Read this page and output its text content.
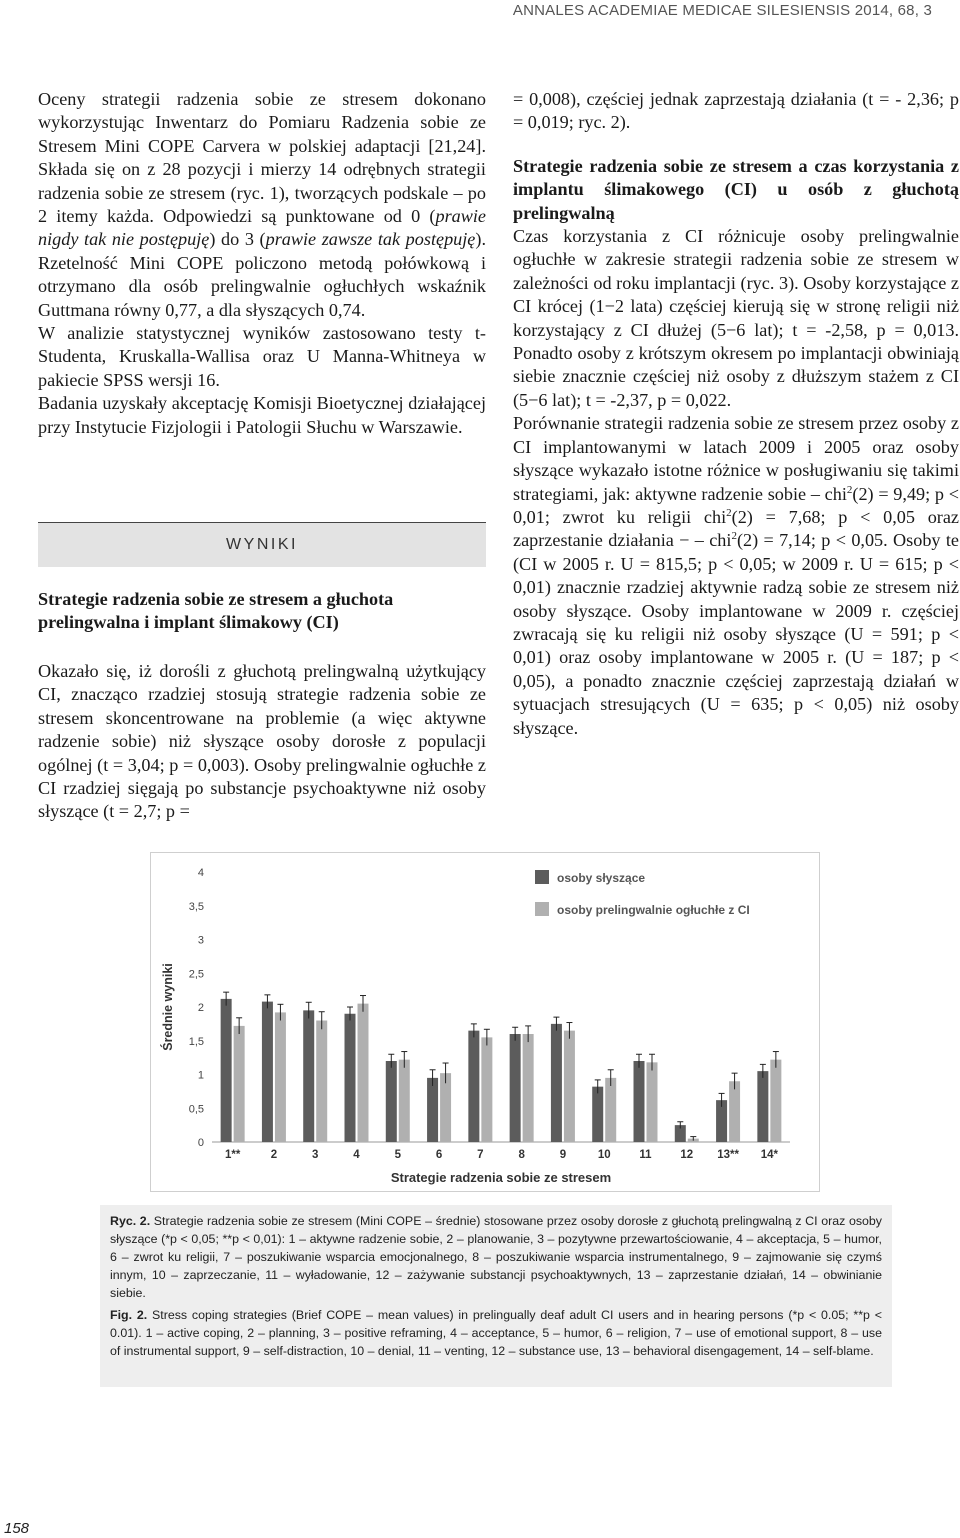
ANNALES ACADEMIAE MEDICAE SILESIENSIS 2014, 68, 3

Oceny strategii radzenia sobie ze stresem dokonano wykorzystując Inwentarz do Pomiaru Radzenia sobie ze Stresem Mini COPE Carvera w polskiej adaptacji [21,24]. Składa się on z 28 pozycji i mierzy 14 odrębnych strategii radzenia sobie ze stresem (ryc. 1), tworzących podskale – po 2 itemy każda. Odpowiedzi są punktowane od 0 (prawie nigdy tak nie postępuję) do 3 (prawie zawsze tak postępuję). Rzetelność Mini COPE policzono metodą połówkową i otrzymano dla osób prelingwalnie ogłuchłych wskaźnik Guttmana równy 0,77, a dla słyszących 0,74.

W analizie statystycznej wyników zastosowano testy t-Studenta, Kruskalla-Wallisa oraz U Manna-Whitneya w pakiecie SPSS wersji 16.

Badania uzyskały akceptację Komisji Bioetycznej działającej przy Instytucie Fizjologii i Patologii Słuchu w Warszawie.

WYNIKI
Strategie radzenia sobie ze stresem a głuchota prelingwalna i implant ślimakowy (CI)
Okazało się, iż dorośli z głuchotą prelingwalną użytkujący CI, znacząco rzadziej stosują strategie radzenia sobie ze stresem skoncentrowane na problemie (a więc aktywne radzenie sobie) niż słyszące osoby dorosłe z populacji ogólnej (t = 3,04; p = 0,003). Osoby prelingwalnie ogłuchłe z CI rzadziej sięgają po substancje psychoaktywne niż osoby słyszące (t = 2,7; p =

= 0,008), częściej jednak zaprzestają działania (t = - 2,36; p = 0,019; ryc. 2).

Strategie radzenia sobie ze stresem a czas korzystania z implantu ślimakowego (CI) u osób z głuchotą prelingwalną

Czas korzystania z CI różnicuje osoby prelingwalnie ogłuchłe w zakresie strategii radzenia sobie ze stresem w zależności od roku implantacji (ryc. 3). Osoby korzystające z CI krócej (1−2 lata) częściej kierują się w stronę religii niż korzystający z CI dłużej (5−6 lat); t = -2,58, p = 0,013. Ponadto osoby z krótszym okresem po implantacji obwiniają siebie znacznie częściej niż osoby z dłuższym stażem z CI (5−6 lat); t = -2,37, p = 0,022.

Porównanie strategii radzenia sobie ze stresem przez osoby z CI implantowanymi w latach 2009 i 2005 oraz osoby słyszące wykazało istotne różnice w posługiwaniu się takimi strategiami, jak: aktywne radzenie sobie – chi$^2$(2) = 9,49; p < 0,01; zwrot ku religii chi$^2$(2) = 7,68; p < 0,05 oraz zaprzestanie działania − – chi$^2$(2) = 7,14; p < 0,05. Osoby te (CI w 2005 r. U = 815,5; p < 0,05; w 2009 r. U = 615; p < 0,01) znacznie rzadziej aktywnie radzą sobie ze stresem niż osoby słyszące. Osoby implantowane w 2009 r. częściej zwracają się ku religii niż osoby słyszące (U = 591; p < 0,01) oraz osoby implantowane w 2005 r. (U = 187; p < 0,05), a ponadto znacznie częściej zaprzestają działań w sytuacjach stresujących (U = 635; p < 0,05) niż osoby słyszące.

0
0,5
1
1,5
2
2,5
3
3,5
4
Średnie wyniki
1**	2	3	4	5	6	7	8	9	10	11	12 13** 14*
Strategie radzenia sobie ze stresem
osoby słyszące
osoby prelingwalnie ogłuchłe z CI

Ryc. 2. Strategie radzenia sobie ze stresem (Mini COPE – średnie) stosowane przez osoby dorosłe z głuchotą prelingwalną z CI oraz osoby słyszące (*p < 0,05; **p < 0,01): 1 – aktywne radzenie sobie, 2 – planowanie, 3 – pozytywne przewartościowanie, 4 – akceptacja, 5 – humor, 6 – zwrot ku religii, 7 – poszukiwanie wsparcia emocjonalnego, 8 – poszukiwanie wsparcia instrumentalnego, 9 – zajmowanie się czymś innym, 10 – zaprzeczanie, 11 – wyładowanie, 12 – zażywanie substancji psychoaktywnych, 13 – zaprzestanie działań, 14 – obwinianie siebie.

Fig. 2. Stress coping strategies (Brief COPE – mean values) in prelingually deaf adult CI users and in hearing persons (*p < 0.05; **p < 0.01). 1 – active coping, 2 – planning, 3 – positive reframing, 4 – acceptance, 5 – humor, 6 – religion, 7 – use of emotional support, 8 – use of instrumental support, 9 – self-distraction, 10 – denial, 11 – venting, 12 – substance use, 13 – behavioral disengagement, 14 – self-blame.

158
